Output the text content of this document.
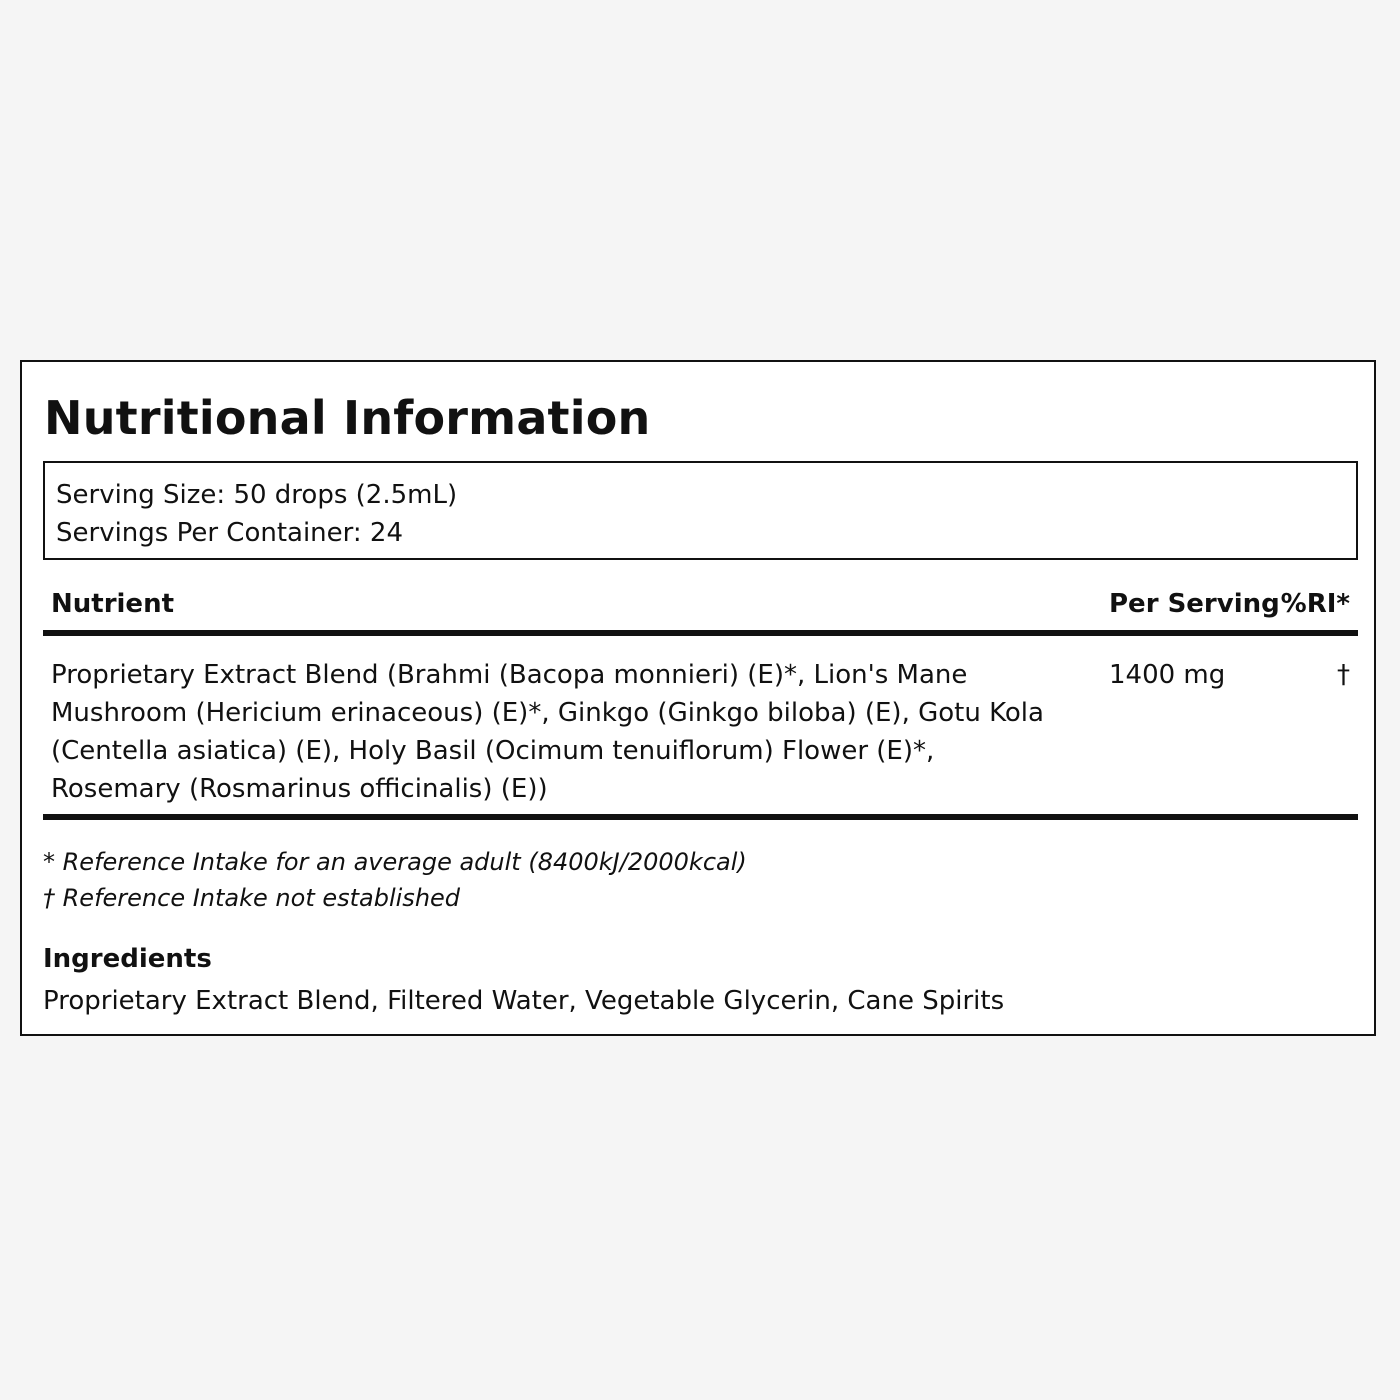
Nutritional Information
Serving Size: 50 drops (2.5mL)
Servings Per Container: 24
Nutrient	Per Serving %RI*
Proprietary Extract Blend (Brahmi (Bacopa monnieri) (E)*, Lion's Mane Mushroom (Hericium erinaceous) (E)*, Ginkgo (Ginkgo biloba) (E), Gotu Kola (Centella asiatica) (E), Holy Basil (Ocimum tenuiflorum) Flower (E)*, Rosemary (Rosmarinus officinalis) (E))
1400 mg	†
* Reference Intake for an average adult (8400kJ/2000kcal)
† Reference Intake not established
Ingredients
Proprietary Extract Blend, Filtered Water, Vegetable Glycerin, Cane Spirits
